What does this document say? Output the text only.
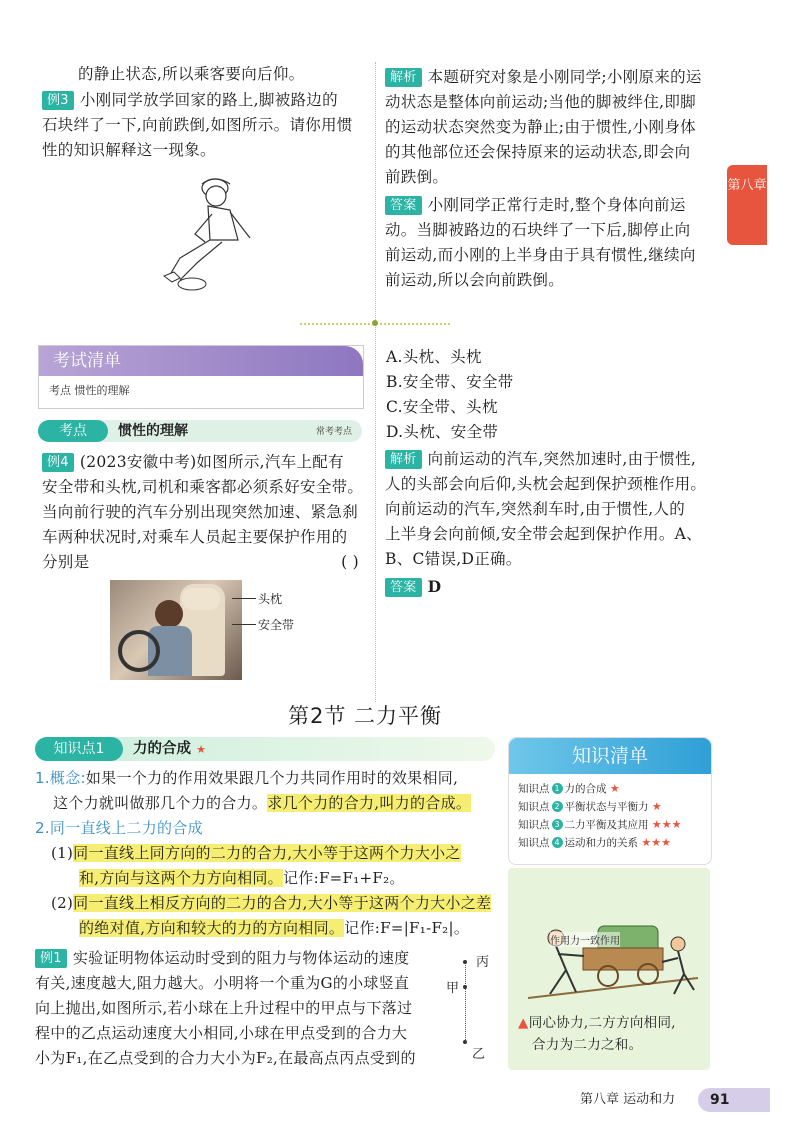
的静止状态,所以乘客要向后仰。
例3 小刚同学放学回家的路上,脚被路边的
石块绊了一下,向前跌倒,如图所示。请你用惯
性的知识解释这一现象。
解析 本题研究对象是小刚同学;小刚原来的运
动状态是整体向前运动;当他的脚被绊住,即脚
的运动状态突然变为静止;由于惯性,小刚身体
的其他部位还会保持原来的运动状态,即会向
前跌倒。
答案 小刚同学正常行走时,整个身体向前运
动。当脚被路边的石块绊了一下后,脚停止向
前运动,而小刚的上半身由于具有惯性,继续向
前运动,所以会向前跌倒。
第八章
考试清单
考点 惯性的理解
考点	惯性的理解	常考考点
例4 (2023安徽中考)如图所示,汽车上配有
安全带和头枕,司机和乘客都必须系好安全带。
当向前行驶的汽车分别出现突然加速、紧急刹
车两种状况时,对乘车人员起主要保护作用的
分别是	( )
头枕
安全带
A.头枕、头枕
B.安全带、安全带
C.安全带、头枕
D.头枕、安全带
解析 向前运动的汽车,突然加速时,由于惯性,
人的头部会向后仰,头枕会起到保护颈椎作用。
向前运动的汽车,突然刹车时,由于惯性,人的
上半身会向前倾,安全带会起到保护作用。A、
B、C错误,D正确。
答案 D
第2节 二力平衡
知识点1	力的合成 ★
1.概念:如果一个力的作用效果跟几个力共同作用时的效果相同,
这个力就叫做那几个力的合力。求几个力的合力,叫力的合成。
2.同一直线上二力的合成
(1)同一直线上同方向的二力的合力,大小等于这两个力大小之
和,方向与这两个力方向相同。记作:F=F₁+F₂。
(2)同一直线上相反方向的二力的合力,大小等于这两个力大小之差
的绝对值,方向和较大的力的方向相同。记作:F=|F₁-F₂|。
例1 实验证明物体运动时受到的阻力与物体运动的速度
有关,速度越大,阻力越大。小明将一个重为G的小球竖直
向上抛出,如图所示,若小球在上升过程中的甲点与下落过
程中的乙点运动速度大小相同,小球在甲点受到的合力大
小为F₁,在乙点受到的合力大小为F₂,在最高点丙点受到的
丙
甲
乙
知识清单
知识点 1 力的合成 ★
知识点 2 平衡状态与平衡力 ★
知识点 3 二力平衡及其应用 ★★★
知识点 4 运动和力的关系 ★★★
作用力一致作用
▲同心协力,二方方向相同,
合力为二力之和。
第八章 运动和力	91
